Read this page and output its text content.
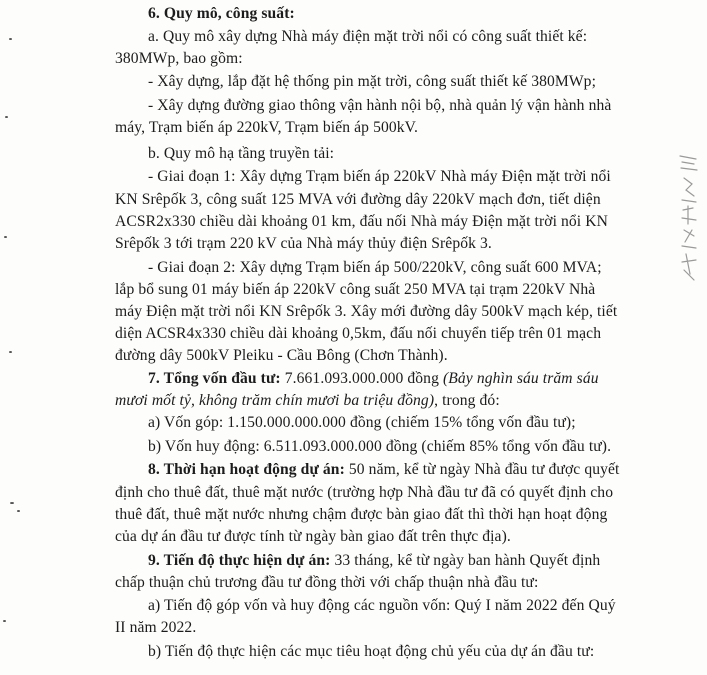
6. Quy mô, công suất:
a. Quy mô xây dựng Nhà máy điện mặt trời nổi có công suất thiết kế:
380MWp, bao gồm:
- Xây dựng, lắp đặt hệ thống pin mặt trời, công suất thiết kế 380MWp;
- Xây dựng đường giao thông vận hành nội bộ, nhà quản lý vận hành nhà
máy, Trạm biến áp 220kV, Trạm biến áp 500kV.
b. Quy mô hạ tầng truyền tải:
- Giai đoạn 1: Xây dựng Trạm biến áp 220kV Nhà máy Điện mặt trời nổi
KN Srêpốk 3, công suất 125 MVA với đường dây 220kV mạch đơn, tiết diện
ACSR2x330 chiều dài khoảng 01 km, đấu nối Nhà máy Điện mặt trời nổi KN
Srêpốk 3 tới trạm 220 kV của Nhà máy thủy điện Srêpốk 3.
- Giai đoạn 2: Xây dựng Trạm biến áp 500/220kV, công suất 600 MVA;
lắp bổ sung 01 máy biến áp 220kV công suất 250 MVA tại trạm 220kV Nhà
máy Điện mặt trời nổi KN Srêpốk 3. Xây mới đường dây 500kV mạch kép, tiết
diện ACSR4x330 chiều dài khoảng 0,5km, đấu nối chuyển tiếp trên 01 mạch
đường dây 500kV Pleiku - Cầu Bông (Chơn Thành).
7. Tổng vốn đầu tư: 7.661.093.000.000 đồng (Bảy nghìn sáu trăm sáu
mươi mốt tỷ, không trăm chín mươi ba triệu đồng), trong đó:
a) Vốn góp: 1.150.000.000.000 đồng (chiếm 15% tổng vốn đầu tư);
b) Vốn huy động: 6.511.093.000.000 đồng (chiếm 85% tổng vốn đầu tư).
8. Thời hạn hoạt động dự án: 50 năm, kể từ ngày Nhà đầu tư được quyết
định cho thuê đất, thuê mặt nước (trường hợp Nhà đầu tư đã có quyết định cho
thuê đất, thuê mặt nước nhưng chậm được bàn giao đất thì thời hạn hoạt động
của dự án đầu tư được tính từ ngày bàn giao đất trên thực địa).
9. Tiến độ thực hiện dự án: 33 tháng, kể từ ngày ban hành Quyết định
chấp thuận chủ trương đầu tư đồng thời với chấp thuận nhà đầu tư:
a) Tiến độ góp vốn và huy động các nguồn vốn: Quý I năm 2022 đến Quý
II năm 2022.
b) Tiến độ thực hiện các mục tiêu hoạt động chủ yếu của dự án đầu tư:
